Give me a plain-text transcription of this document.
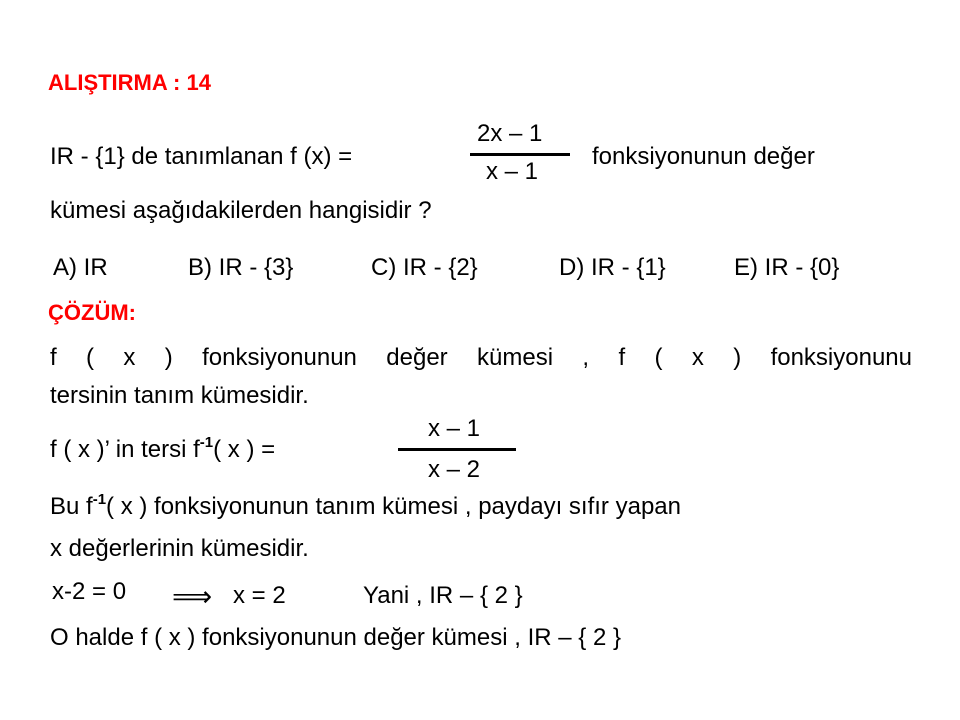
ALIŞTIRMA : 14
IR - {1} de tanımlanan f (x) =
2x – 1
x – 1
fonksiyonunun değer
kümesi aşağıdakilerden hangisidir ?
A) IR	B) IR - {3}	C) IR - {2}	D) IR - {1}	E) IR - {0}
ÇÖZÜM:
f ( x ) fonksiyonunun değer kümesi , f ( x ) fonksiyonunu
tersinin tanım kümesidir.
f ( x )’ in tersi $f^{-1}$( x ) =
x – 1
x – 2
Bu $f^{-1}$( x ) fonksiyonunun tanım kümesi , paydayı sıfır yapan
x değerlerinin kümesidir.
x-2 = 0 ⟹ x = 2	Yani , IR – { 2 }
O halde f ( x ) fonksiyonunun değer kümesi , IR – { 2 }
